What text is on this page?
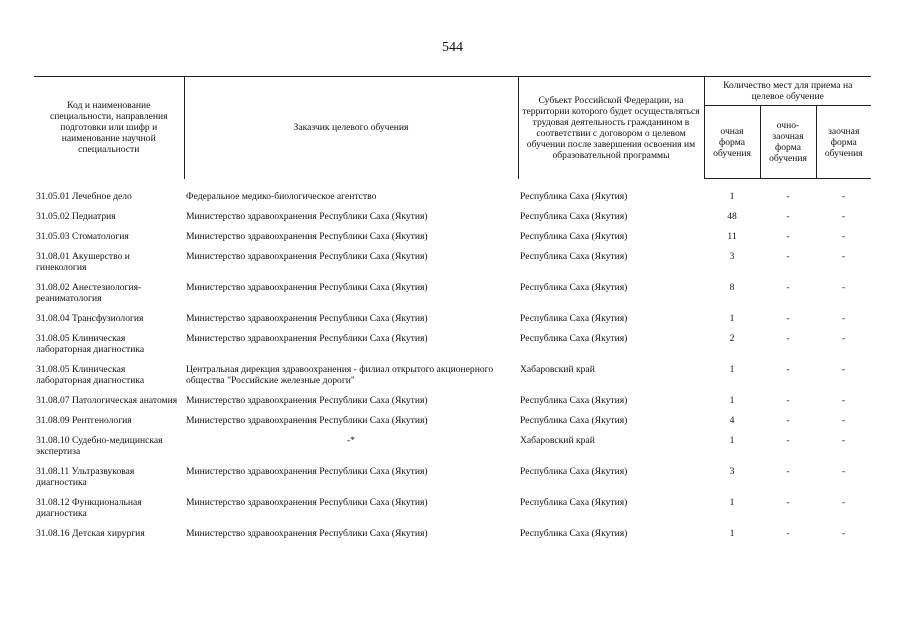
544
Код и наименование специальности, направления подготовки или шифр и наименование научной специальности	Заказчик целевого обучения	Субъект Российской Федерации, на территории которого будет осуществляться трудовая деятельность гражданином в соответствии с договором о целевом обучении после завершения освоения им образовательной программы	Количество мест для приема на целевое обучение		
			очная форма обучения	очно-заочная форма обучения	заочная форма обучения
31.05.01 Лечебное дело	Федеральное медико-биологическое агентство	Республика Саха (Якутия)	1	-	-
31.05.02 Педиатрия	Министерство здравоохранения Республики Саха (Якутия)	Республика Саха (Якутия)	48	-	-
31.05.03 Стоматология	Министерство здравоохранения Республики Саха (Якутия)	Республика Саха (Якутия)	11	-	-
31.08.01 Акушерство и гинекология	Министерство здравоохранения Республики Саха (Якутия)	Республика Саха (Якутия)	3	-	-
31.08.02 Анестезиология-реаниматология	Министерство здравоохранения Республики Саха (Якутия)	Республика Саха (Якутия)	8	-	-
31.08.04 Трансфузиология	Министерство здравоохранения Республики Саха (Якутия)	Республика Саха (Якутия)	1	-	-
31.08.05 Клиническая лабораторная диагностика	Министерство здравоохранения Республики Саха (Якутия)	Республика Саха (Якутия)	2	-	-
31.08.05 Клиническая лабораторная диагностика	Центральная дирекция здравоохранения - филиал открытого акционерного общества "Российские железные дороги"	Хабаровский край	1	-	-
31.08.07 Патологическая анатомия	Министерство здравоохранения Республики Саха (Якутия)	Республика Саха (Якутия)	1	-	-
31.08.09 Рентгенология	Министерство здравоохранения Республики Саха (Якутия)	Республика Саха (Якутия)	4	-	-
31.08.10 Судебно-медицинская экспертиза	-*	Хабаровский край	1	-	-
31.08.11 Ультразвуковая диагностика	Министерство здравоохранения Республики Саха (Якутия)	Республика Саха (Якутия)	3	-	-
31.08.12 Функциональная диагностика	Министерство здравоохранения Республики Саха (Якутия)	Республика Саха (Якутия)	1	-	-
31.08.16 Детская хирургия	Министерство здравоохранения Республики Саха (Якутия)	Республика Саха (Якутия)	1	-	-
